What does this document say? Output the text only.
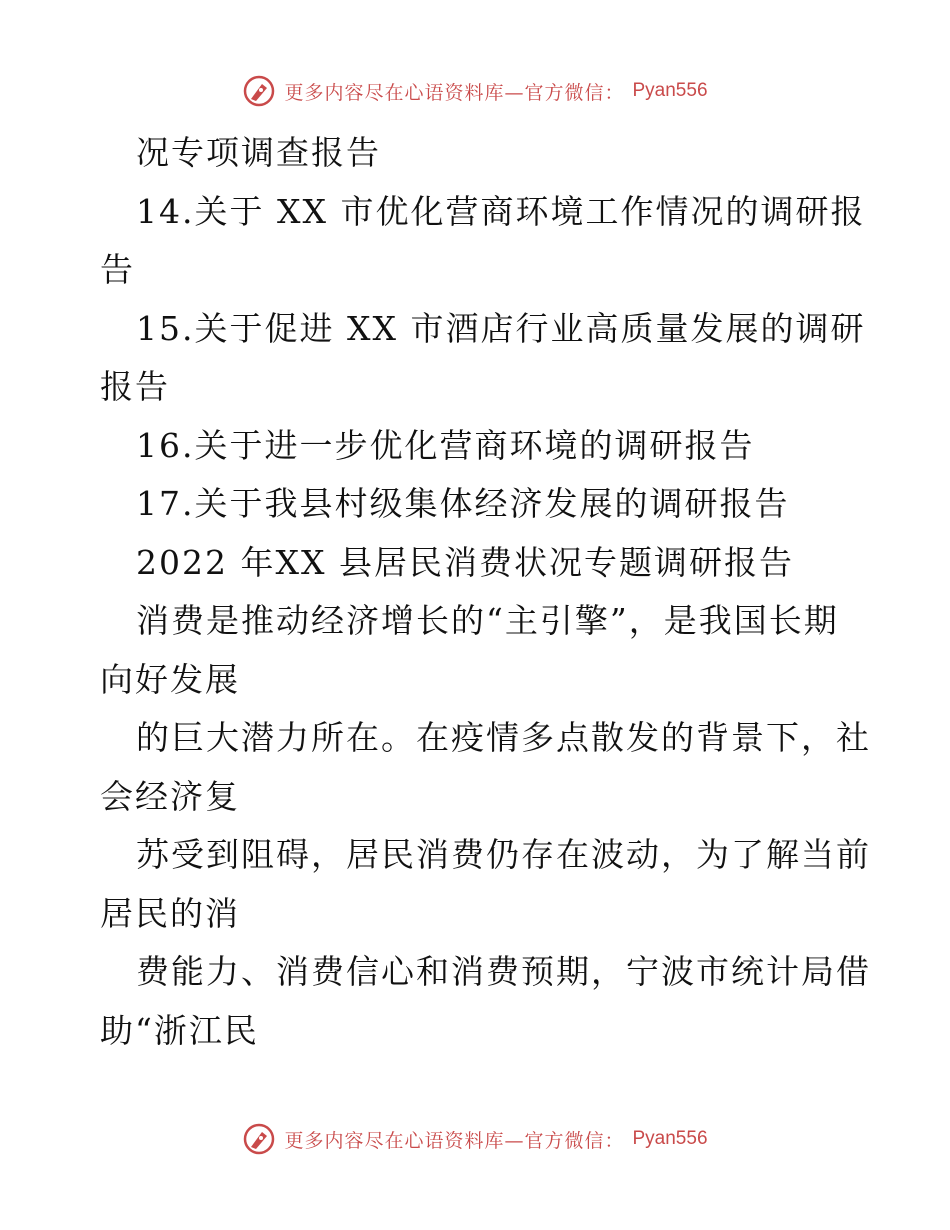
更多内容尽在心语资料库—官方微信： Pyan556
况专项调查报告
14.关于 XX 市优化营商环境工作情况的调研报
告
15.关于促进 XX 市酒店行业高质量发展的调研
报告
16.关于进一步优化营商环境的调研报告
17.关于我县村级集体经济发展的调研报告
2022 年XX 县居民消费状况专题调研报告
消费是推动经济增长的“主引擎”，是我国长期
向好发展
的巨大潜力所在。在疫情多点散发的背景下，社
会经济复
苏受到阻碍，居民消费仍存在波动，为了解当前
居民的消
费能力、消费信心和消费预期，宁波市统计局借
助“浙江民
更多内容尽在心语资料库—官方微信： Pyan556
